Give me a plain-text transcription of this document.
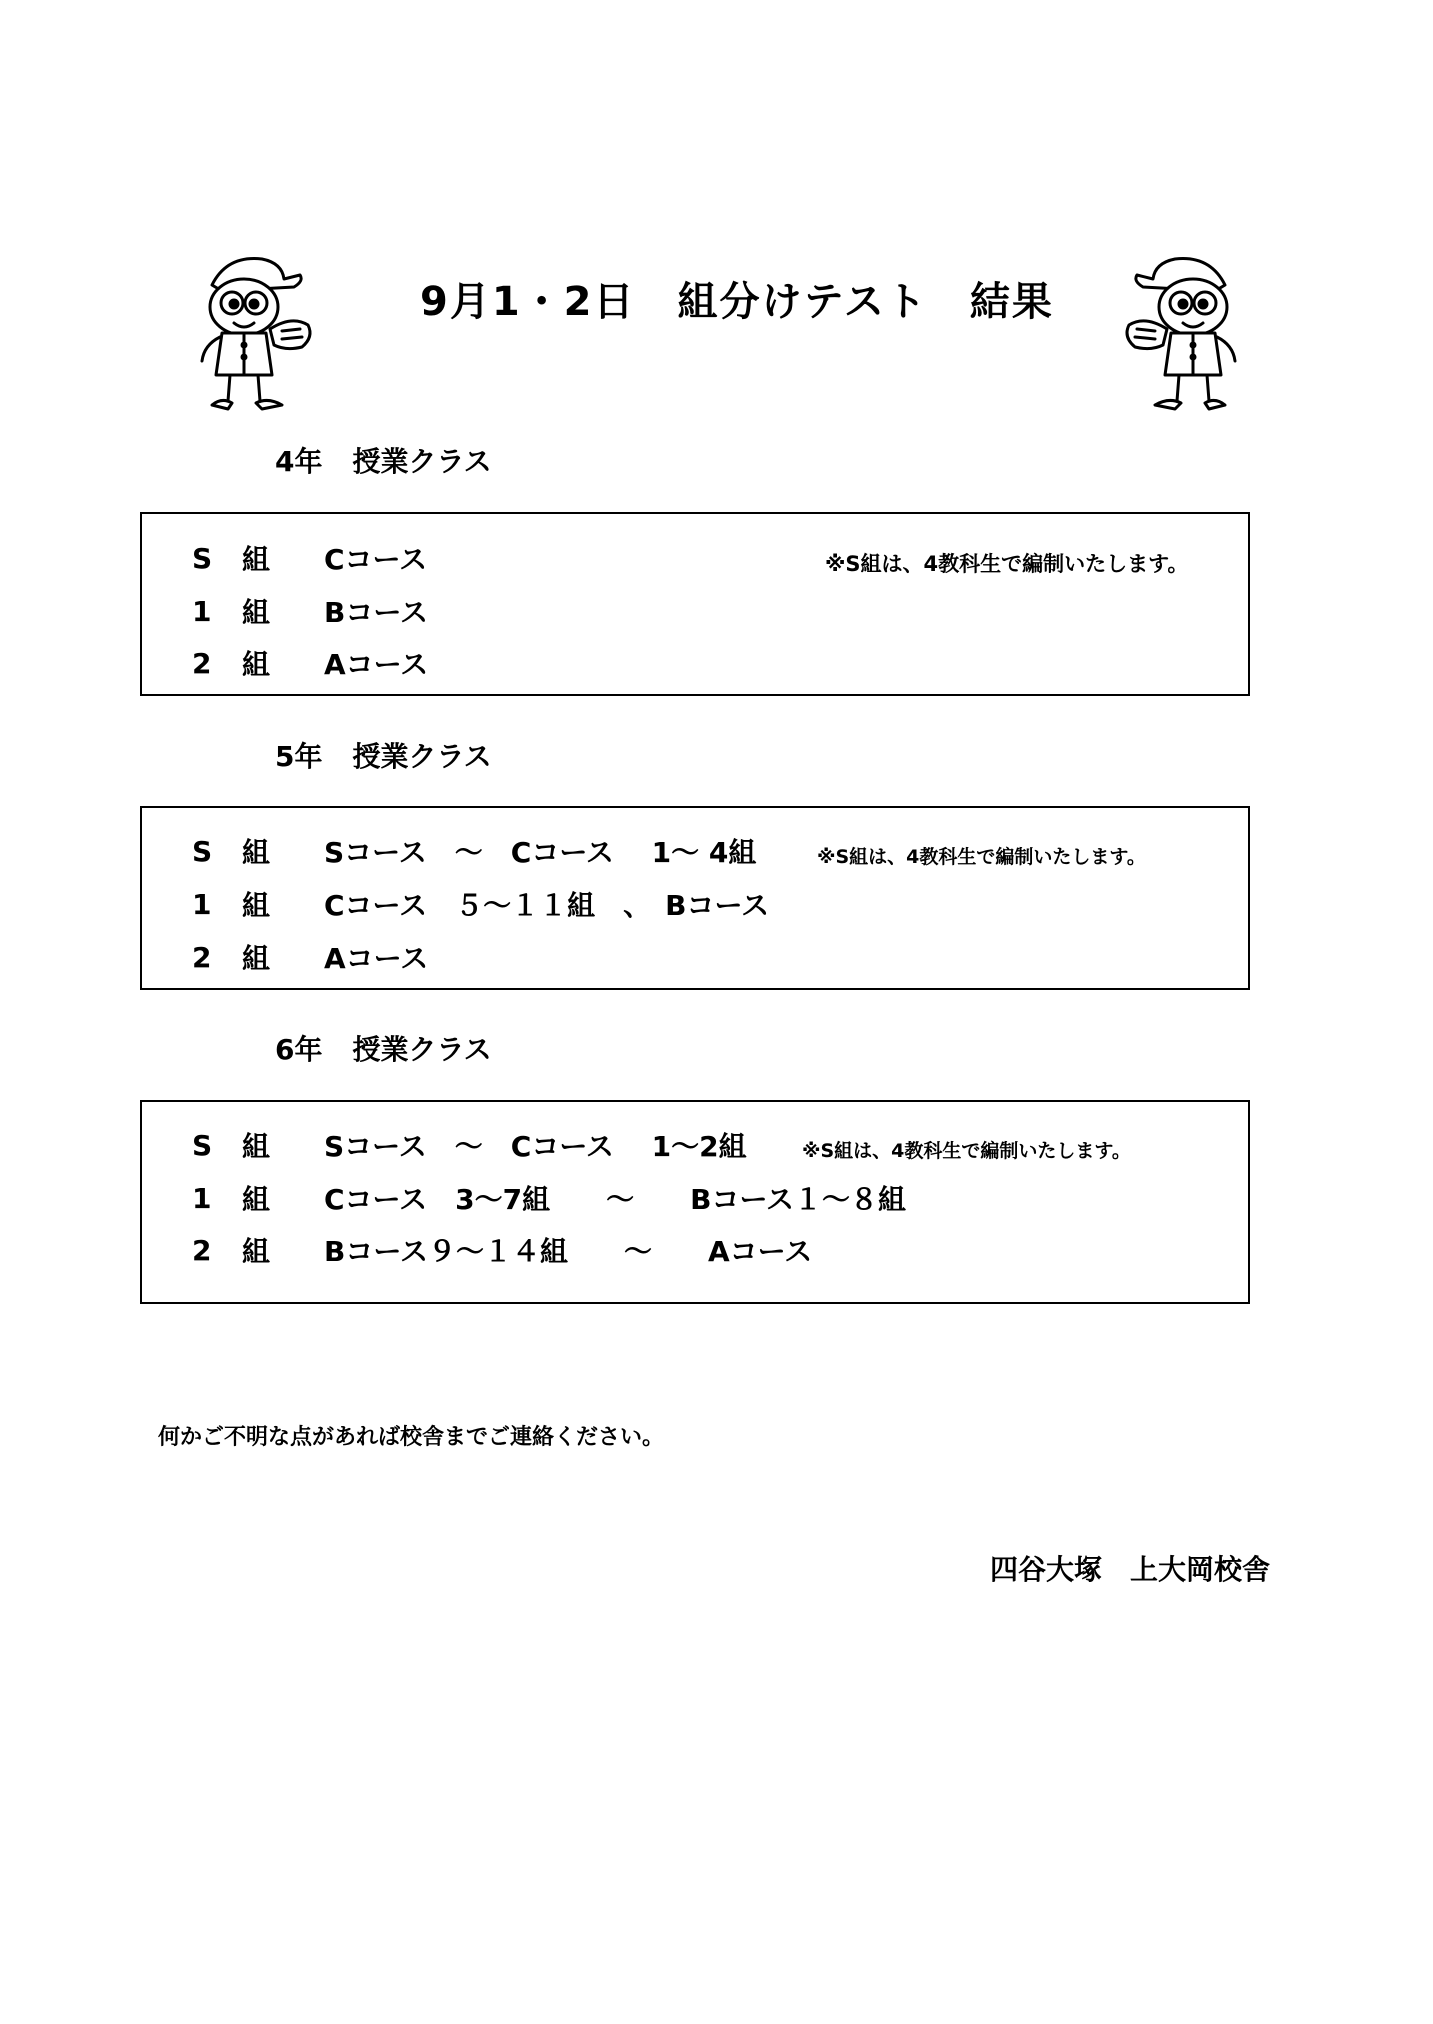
9月1・2日　組分けテスト　結果
4年 授業クラス
S	組	Cコース
1	組	Bコース
2	組	Aコース
※S組は、4教科生で編制いたします。
5年 授業クラス
S	組	Sコース　～　Cコース　 1～ 4組
1	組	Cコース　５～１１組　、　Bコース
2	組	Aコース
※S組は、4教科生で編制いたします。
6年 授業クラス
S	組	Sコース　～　Cコース　 1～2組
1	組	Cコース　3～7組　　～　　Bコース１～８組
2	組	Bコース９～１４組　　～　　Aコース
※S組は、4教科生で編制いたします。
何かご不明な点があれば校舎までご連絡ください。
四谷大塚　上大岡校舎
